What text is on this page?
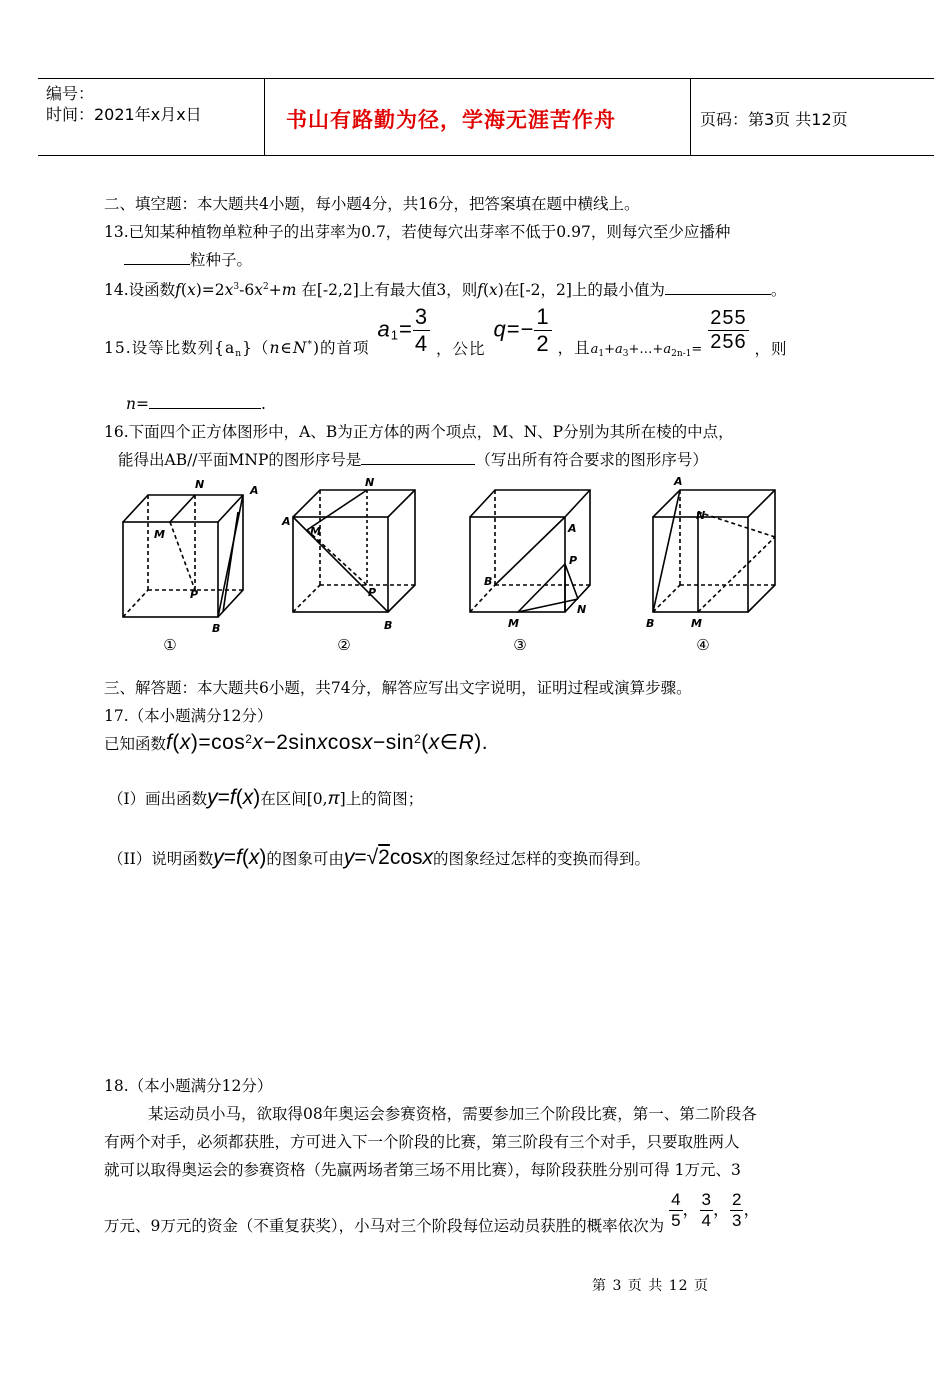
编号：
时间：2021年x月x日	书山有路勤为径，学海无涯苦作舟	页码：第3页 共12页
二、填空题：本大题共4小题，每小题4分，共16分，把答案填在题中横线上。
13.已知某种植物单粒种子的出芽率为0.7，若使每穴出芽率不低于0.97，则每穴至少应播种
粒种子。
14.设函数$f(x)=2x^3-6x^2+m$ 在[-2,2]上有最大值3，则f(x)在[-2，2]上的最小值为	。
15.设等比数列$\{a_n\}(n\in N^*)$的首项 $a_1= \frac{3}{4}$ ，公比 $q=- \frac{1}{2}$ ，且$a_1+a_3+\dots+a_{2n-1}= \frac{255}{256}$ ，则
n=	.
16.下面四个正方体图形中，A、B为正方体的两个项点，M、N、P分别为其所在棱的中点，
能得出AB//平面MNP的图形序号是	（写出所有符合要求的图形序号）
N	A
M
P
B
N
A
M
P
B
A
P
B
N
M
A
N
B	M
①	②	③	④
三、解答题：本大题共6小题，共74分，解答应写出文字说明，证明过程或演算步骤。
17.（本小题满分12分）
已知函数$f(x)=\cos^2x-2sinxcosx-\sin^2(x\in R)$.
（I）画出函数y=f(x)在区间[0,π]上的简图；
（II）说明函数y=f(x)的图象可由y=√2cosx的图象经过怎样的变换而得到。
18.（本小题满分12分）
某运动员小马，欲取得08年奥运会参赛资格，需要参加三个阶段比赛，第一、第二阶段各
有两个对手，必须都获胜，方可进入下一个阶段的比赛，第三阶段有三个对手，只要取胜两人
就可以取得奥运会的参赛资格（先赢两场者第三场不用比赛），每阶段获胜分别可得 1万元、3
万元、9万元的资金（不重复获奖），小马对三个阶段每位运动员获胜的概率依次为 $\frac{4}{5}$ ， $\frac{3}{4}$ ， $\frac{2}{3}$ ，
第 3 页 共 12 页
